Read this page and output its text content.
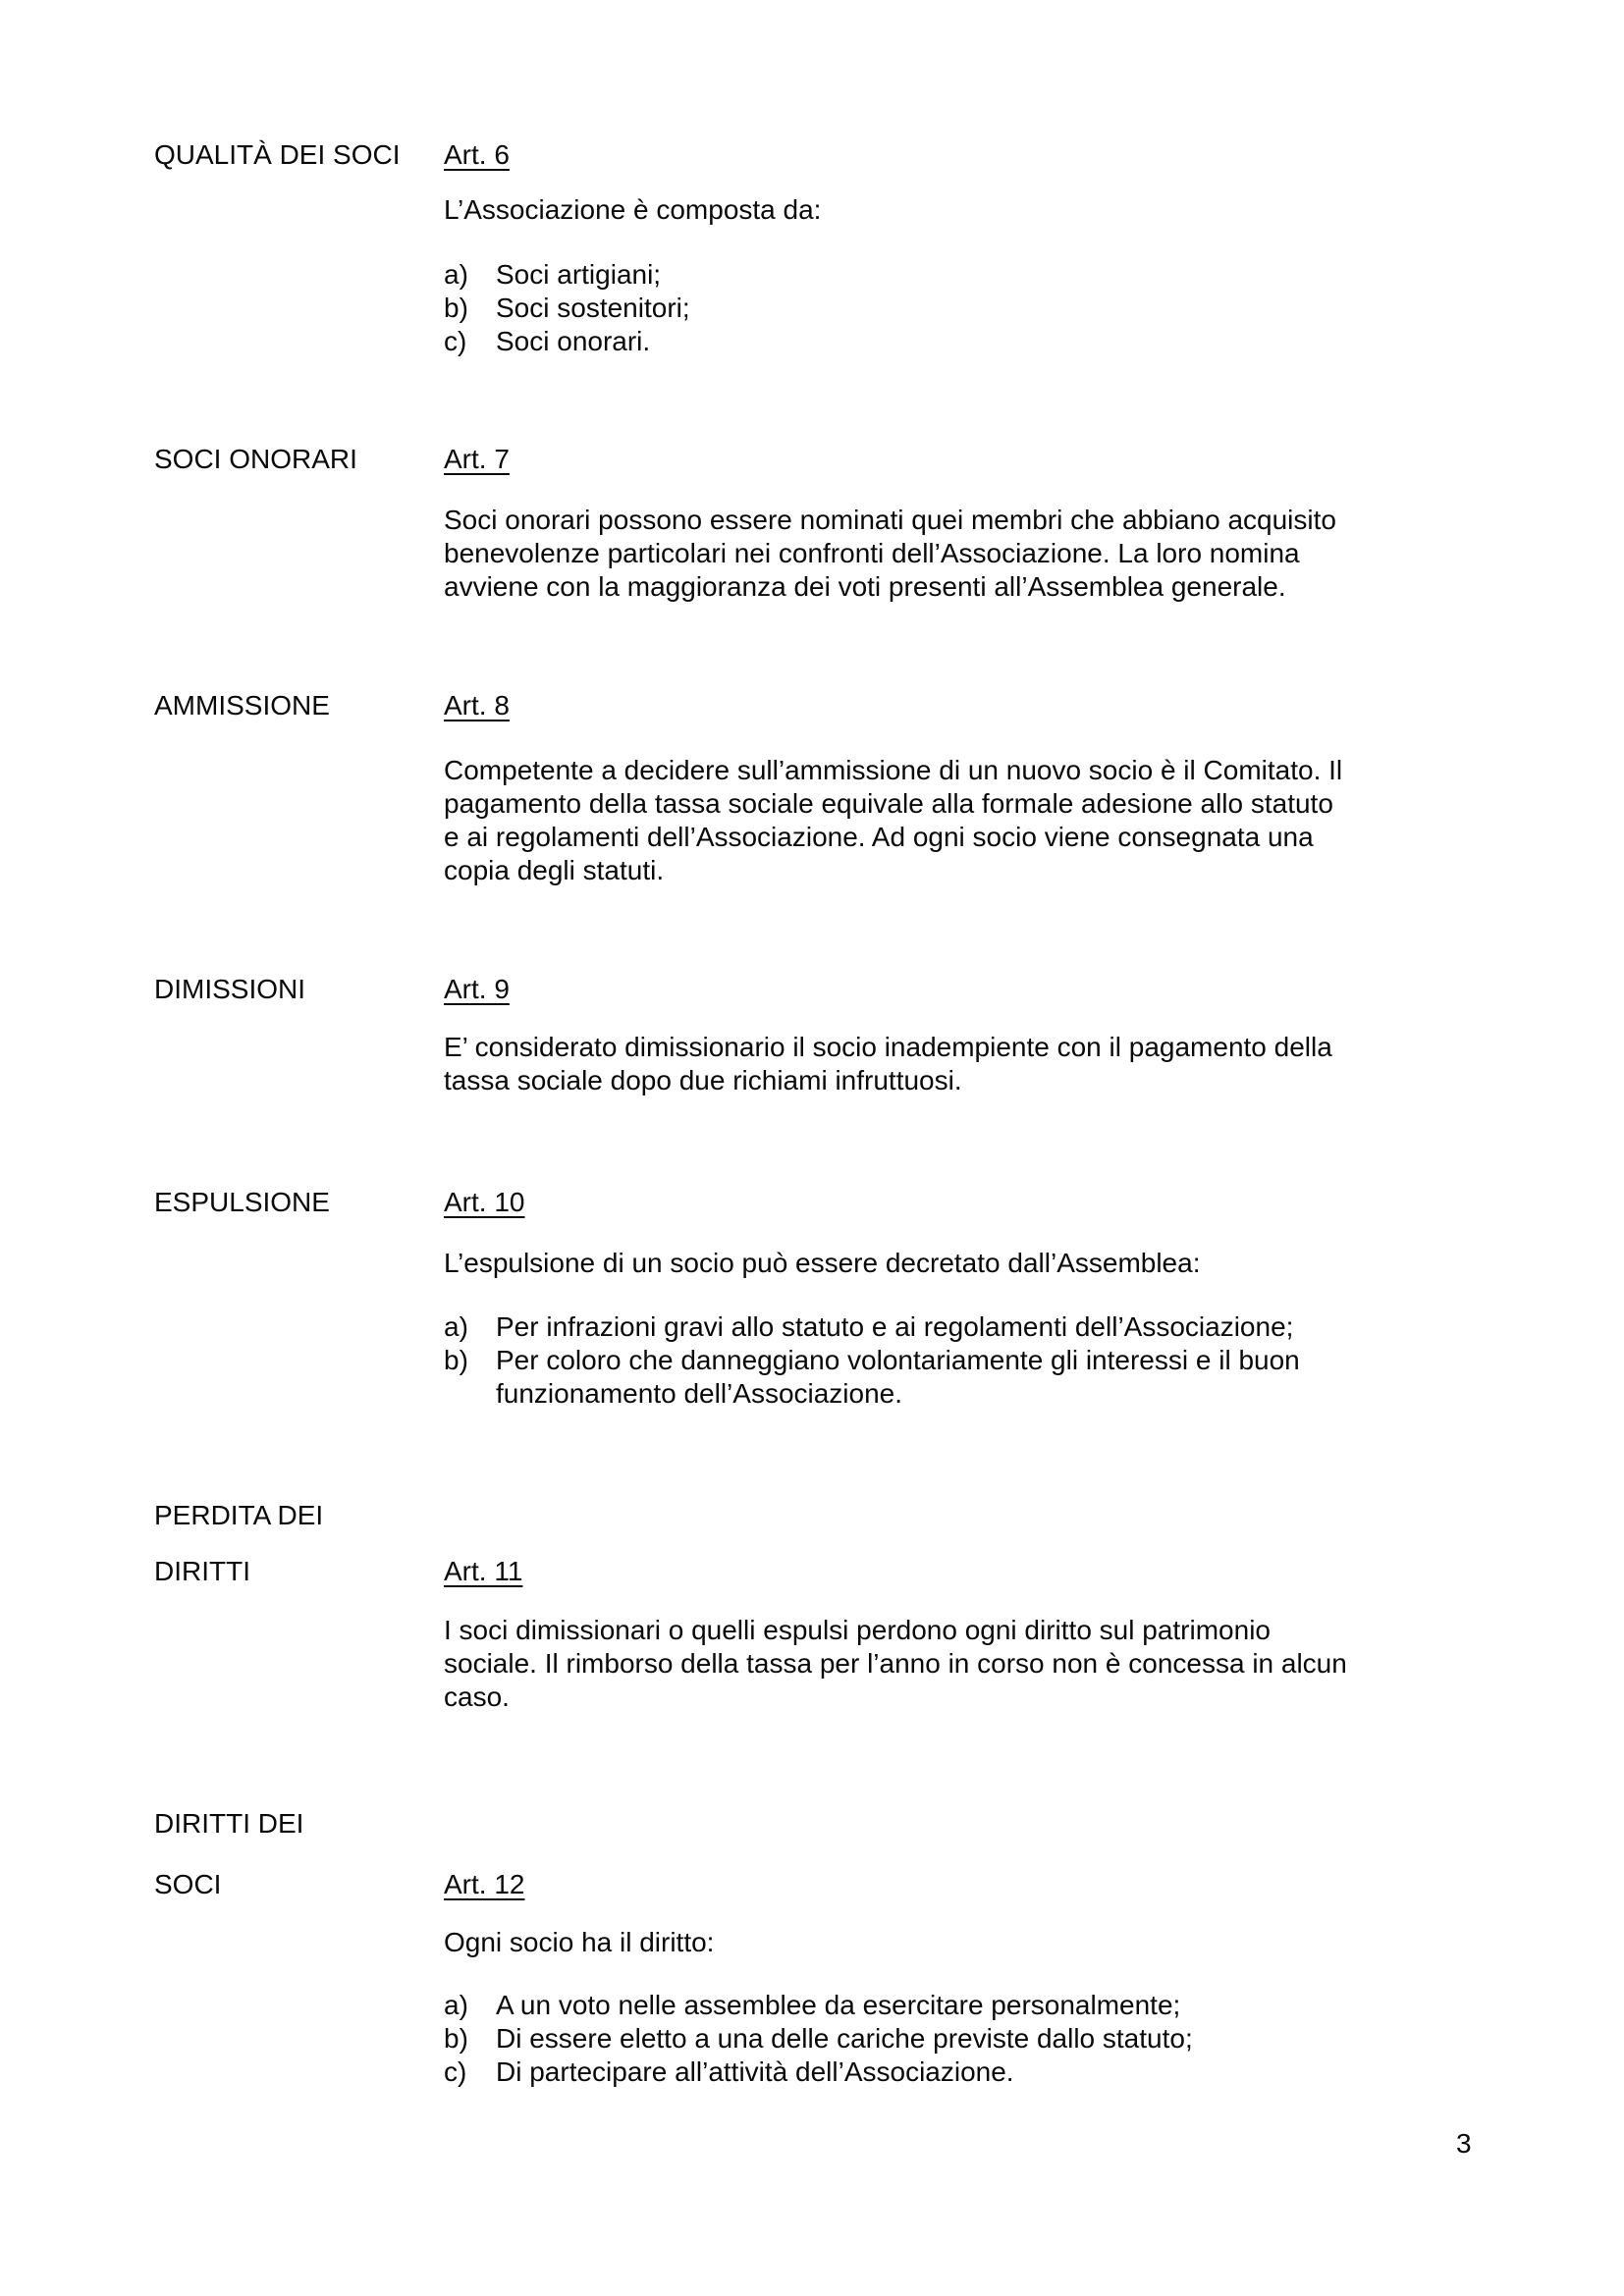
QUALITÀ DEI SOCI Art. 6
L’Associazione è composta da:
a)	Soci artigiani;
b)	Soci sostenitori;
c)	Soci onorari.
SOCI ONORARI	Art. 7
Soci onorari possono essere nominati quei membri che abbiano acquisito
benevolenze particolari nei confronti dell’Associazione. La loro nomina
avviene con la maggioranza dei voti presenti all’Assemblea generale.
AMMISSIONE	Art. 8
Competente a decidere sull’ammissione di un nuovo socio è il Comitato. Il
pagamento della tassa sociale equivale alla formale adesione allo statuto
e ai regolamenti dell’Associazione. Ad ogni socio viene consegnata una
copia degli statuti.
DIMISSIONI	Art. 9
E’ considerato dimissionario il socio inadempiente con il pagamento della
tassa sociale dopo due richiami infruttuosi.
ESPULSIONE	Art. 10
L’espulsione di un socio può essere decretato dall’Assemblea:
a)	Per infrazioni gravi allo statuto e ai regolamenti dell’Associazione;
b)	Per coloro che danneggiano volontariamente gli interessi e il buon
funzionamento dell’Associazione.
PERDITA DEI
DIRITTI	Art. 11
I soci dimissionari o quelli espulsi perdono ogni diritto sul patrimonio
sociale. Il rimborso della tassa per l’anno in corso non è concessa in alcun
caso.
DIRITTI DEI
SOCI	Art. 12
Ogni socio ha il diritto:
a)	A un voto nelle assemblee da esercitare personalmente;
b)	Di essere eletto a una delle cariche previste dallo statuto;
c)	Di partecipare all’attività dell’Associazione.
3
